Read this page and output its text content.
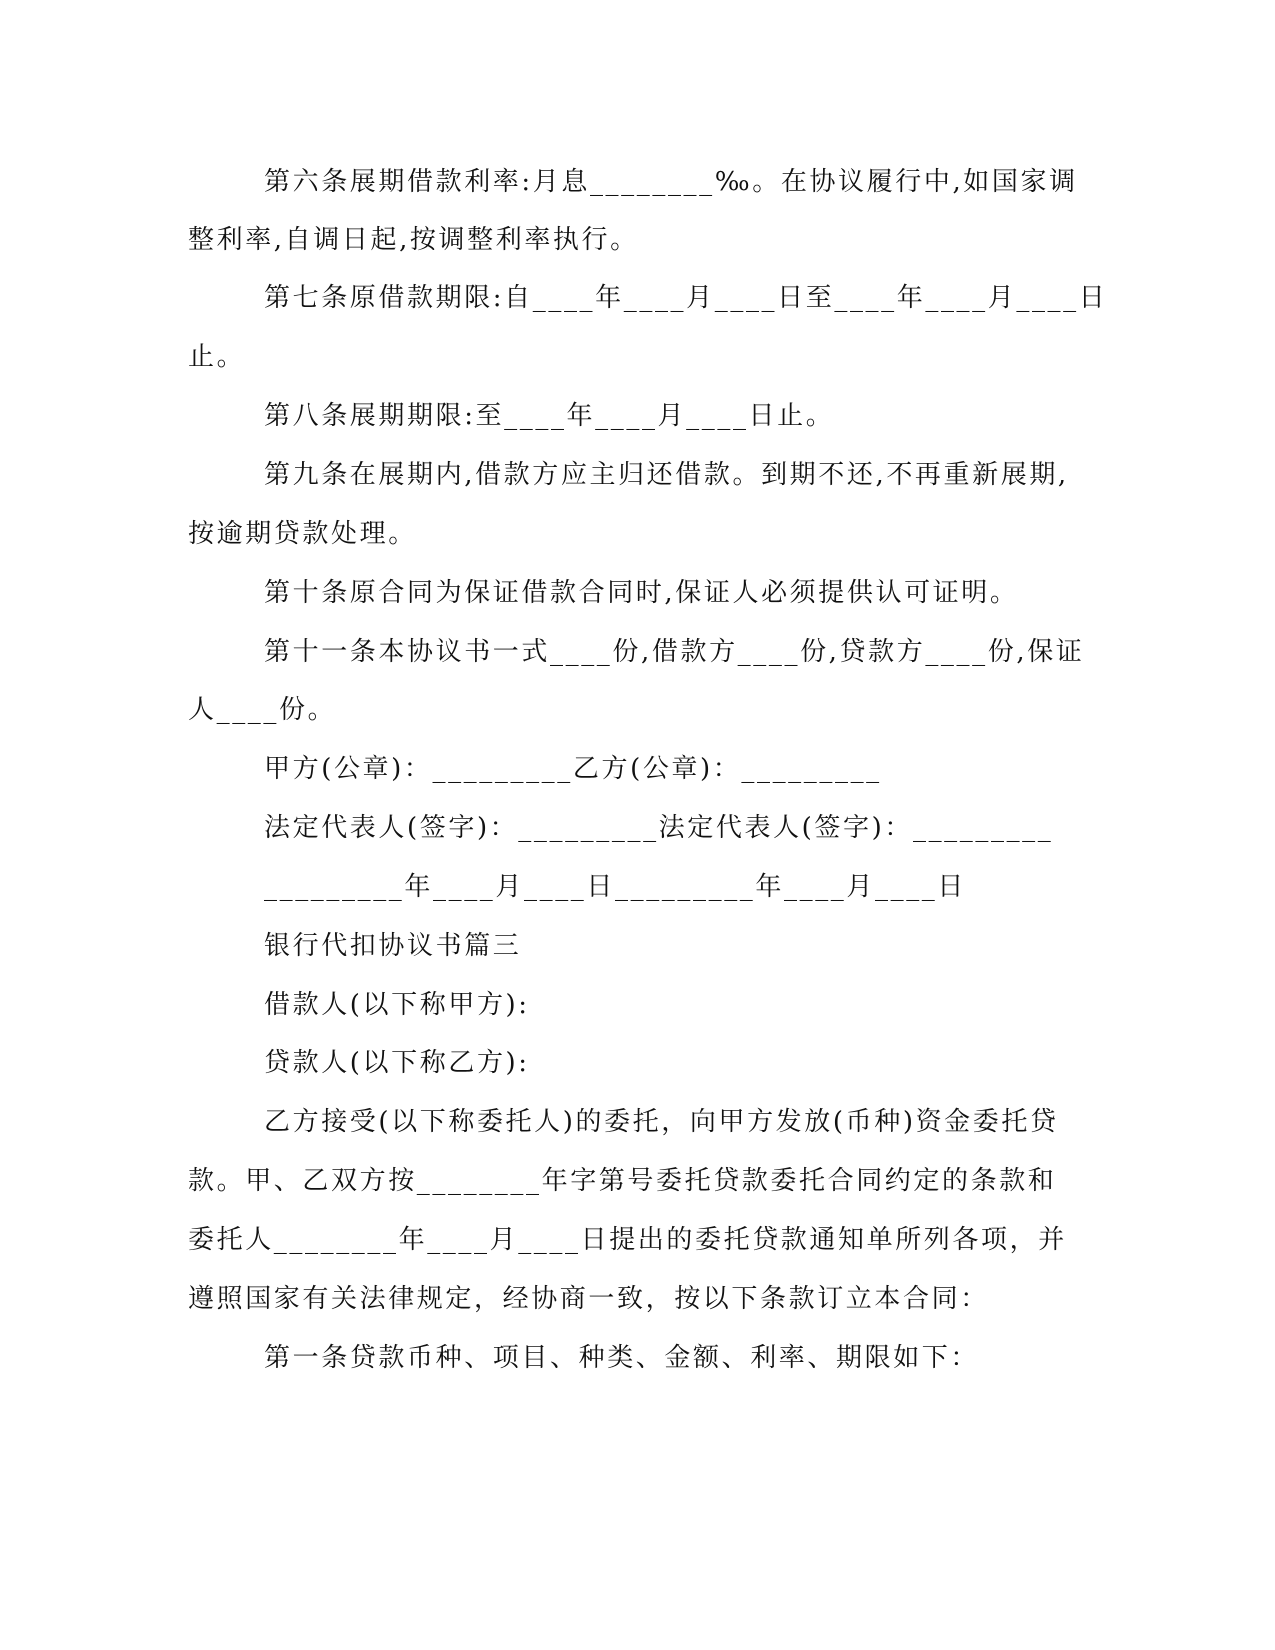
第六条展期借款利率:月息________‰。在协议履行中,如国家调
整利率,自调日起,按调整利率执行。
第七条原借款期限:自____年____月____日至____年____月____日
止。
第八条展期期限:至____年____月____日止。
第九条在展期内,借款方应主归还借款。到期不还,不再重新展期,
按逾期贷款处理。
第十条原合同为保证借款合同时,保证人必须提供认可证明。
第十一条本协议书一式____份,借款方____份,贷款方____份,保证
人____份。
甲方(公章)：_________乙方(公章)：_________
法定代表人(签字)：_________法定代表人(签字)：_________
_________年____月____日_________年____月____日
银行代扣协议书篇三
借款人(以下称甲方):
贷款人(以下称乙方):
乙方接受(以下称委托人)的委托，向甲方发放(币种)资金委托贷
款。甲、乙双方按________年字第号委托贷款委托合同约定的条款和
委托人________年____月____日提出的委托贷款通知单所列各项，并
遵照国家有关法律规定，经协商一致，按以下条款订立本合同：
第一条贷款币种、项目、种类、金额、利率、期限如下：
